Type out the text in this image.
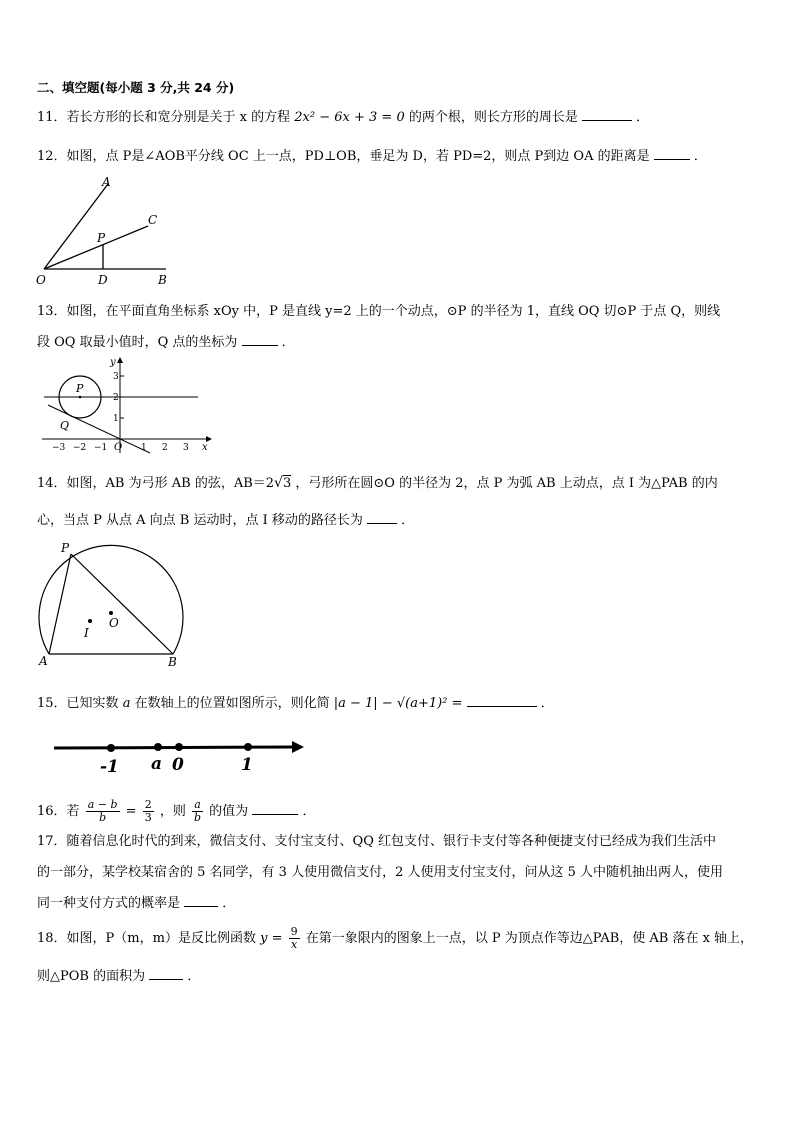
二、填空题(每小题 3 分,共 24 分)
11．若长方形的长和宽分别是关于 x 的方程 2x² − 6x + 3 = 0 的两个根，则长方形的周长是	．
12．如图，点 P是∠AOB平分线 OC 上一点，PD⊥OB，垂足为 D，若 PD=2，则点 P到边 OA 的距离是	．
A
C
P
O	D	B
13．如图，在平面直角坐标系 xOy 中，P 是直线 y=2 上的一个动点，⊙P 的半径为 1，直线 OQ 切⊙P 于点 Q，则线
段 OQ 取最小值时，Q 点的坐标为	．
y
3
2
1
−3 −2 −1 O 1 2 3 x
P
Q
14．如图，AB 为弓形 AB 的弦，AB＝2√3 ，弓形所在圆⊙O 的半径为 2，点 P 为弧 AB 上动点，点 I 为△PAB 的内
心，当点 P 从点 A 向点 B 运动时，点 I 移动的路径长为	．
P
A	B
I
O
15．已知实数 a 在数轴上的位置如图所示，则化简 |a − 1| − √(a+1)² =	．
-1 a 0	1
16．若 $\frac{a - b}{b} = \frac{2}{3}$ ，则 $\frac{a}{b}$ 的值为	．
17．随着信息化时代的到来，微信支付、支付宝支付、QQ 红包支付、银行卡支付等各种便捷支付已经成为我们生活中
的一部分，某学校某宿舍的 5 名同学，有 3 人使用微信支付，2 人使用支付宝支付，问从这 5 人中随机抽出两人，使用
同一种支付方式的概率是	．
18．如图，P（m，m）是反比例函数 $y = \frac{9}{x}$ 在第一象限内的图象上一点，以 P 为顶点作等边△PAB，使 AB 落在 x 轴上，
则△POB 的面积为	．
